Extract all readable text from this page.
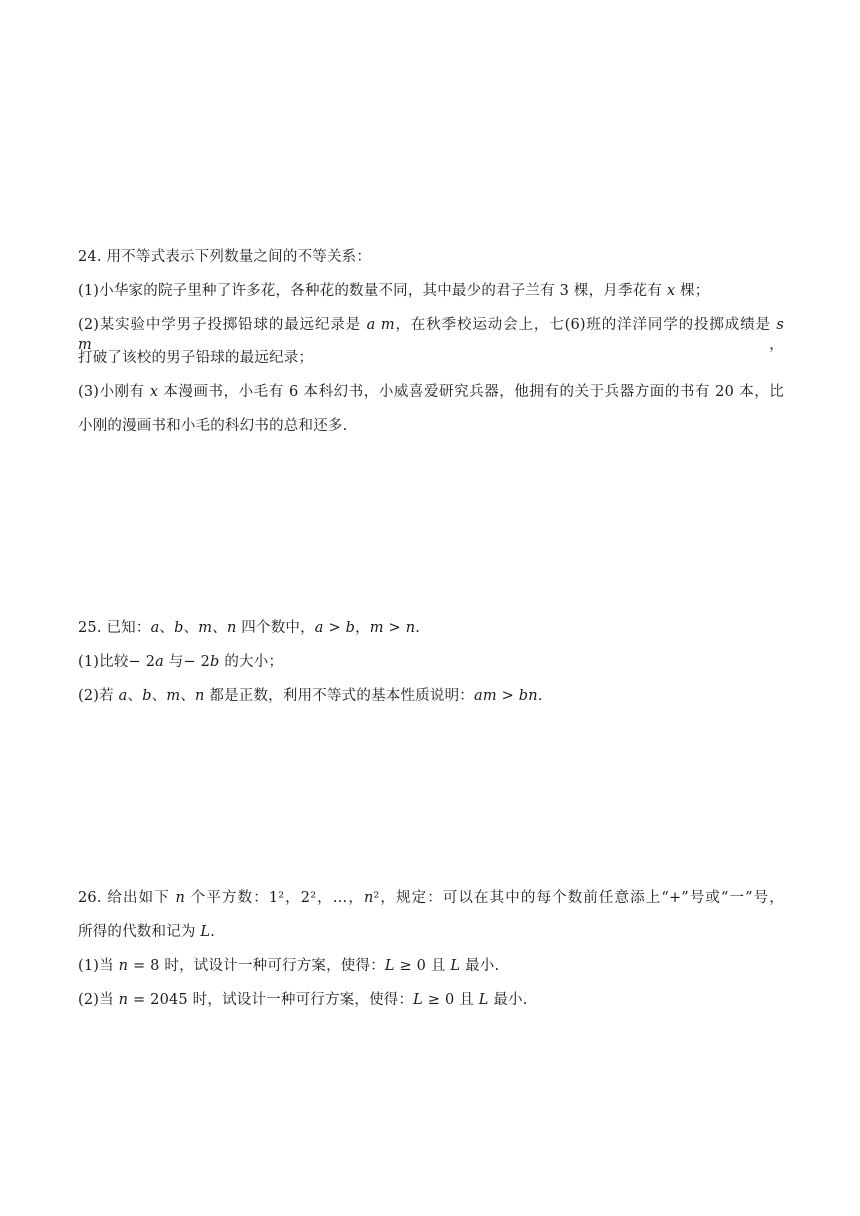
24. 用不等式表示下列数量之间的不等关系：
(1)小华家的院子里种了许多花，各种花的数量不同，其中最少的君子兰有 3 棵，月季花有 𝑥 棵；
(2)某实验中学男子投掷铅球的最远纪录是 𝑎 𝑚，在秋季校运动会上，七(6)班的洋洋同学的投掷成绩是 𝑠 𝑚，
打破了该校的男子铅球的最远纪录；
(3)小刚有 𝑥 本漫画书，小毛有 6 本科幻书，小威喜爱研究兵器，他拥有的关于兵器方面的书有 20 本，比
小刚的漫画书和小毛的科幻书的总和还多.
25. 已知：𝑎、𝑏、𝑚、𝑛 四个数中，𝑎 > 𝑏，𝑚 > 𝑛.
(1)比较− 2𝑎 与− 2𝑏 的大小；
(2)若 𝑎、𝑏、𝑚、𝑛 都是正数，利用不等式的基本性质说明：𝑎𝑚 > 𝑏𝑛.
26. 给出如下 𝑛 个平方数：1²，2²，…，𝑛²，规定：可以在其中的每个数前任意添上“+”号或“一”号，
所得的代数和记为 𝐿.
(1)当 𝑛 = 8 时，试设计一种可行方案，使得：𝐿 ≥ 0 且 𝐿 最小.
(2)当 𝑛 = 2045 时，试设计一种可行方案，使得：𝐿 ≥ 0 且 𝐿 最小.
